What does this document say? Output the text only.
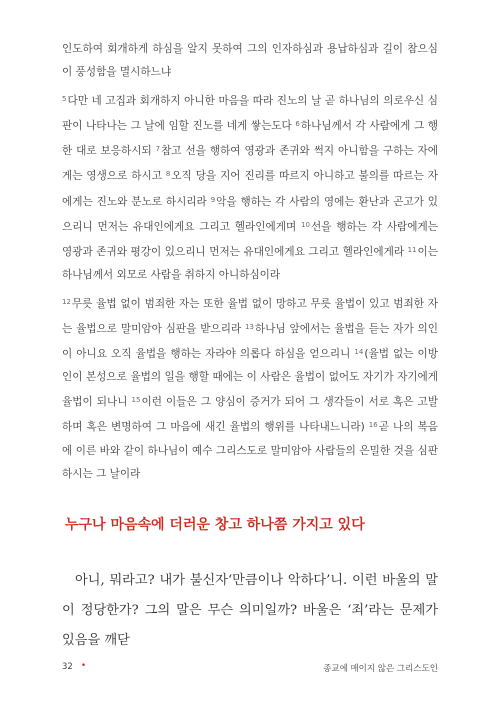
인도하여 회개하게 하심을 알지 못하여 그의 인자하심과 용납하심과 길이 참으심이 풍성함을 멸시하느냐

$^5$다만 네 고집과 회개하지 아니한 마음을 따라 진노의 날 곧 하나님의 의로우신 심판이 나타나는 그 날에 임할 진노를 네게 쌓는도다 $^6$하나님께서 각 사람에게 그 행한 대로 보응하시되 $^7$참고 선을 행하여 영광과 존귀와 썩지 아니함을 구하는 자에게는 영생으로 하시고 $^8$오직 당을 지어 진리를 따르지 아니하고 불의를 따르는 자에게는 진노와 분노로 하시리라 $^9$악을 행하는 각 사람의 영에는 환난과 곤고가 있으리니 먼저는 유대인에게요 그리고 헬라인에게며 $^{10}$선을 행하는 각 사람에게는 영광과 존귀와 평강이 있으리니 먼저는 유대인에게요 그리고 헬라인에게라 $^{11}$이는 하나님께서 외모로 사람을 취하지 아니하심이라

$^{12}$무릇 율법 없이 범죄한 자는 또한 율법 없이 망하고 무릇 율법이 있고 범죄한 자는 율법으로 말미암아 심판을 받으리라 $^{13}$하나님 앞에서는 율법을 듣는 자가 의인이 아니요 오직 율법을 행하는 자라야 의롭다 하심을 얻으리니 $^{14}$(율법 없는 이방인이 본성으로 율법의 일을 행할 때에는 이 사람은 율법이 없어도 자기가 자기에게 율법이 되나니 $^{15}$이런 이들은 그 양심이 증거가 되어 그 생각들이 서로 혹은 고발하며 혹은 변명하여 그 마음에 새긴 율법의 행위를 나타내느니라) $^{16}$곧 나의 복음에 이른 바와 같이 하나님이 예수 그리스도로 말미암아 사람들의 은밀한 것을 심판하시는 그 날이라

누구나 마음속에 더러운 창고 하나쯤 가지고 있다

아니, 뭐라고? 내가 불신자‘만큼이나 악하다’니. 이런 바울의 말이 정당한가? 그의 말은 무슨 의미일까? 바울은 ‘죄’라는 문제가 있음을 깨닫

32 •	종교에 매이지 않은 그리스도인
